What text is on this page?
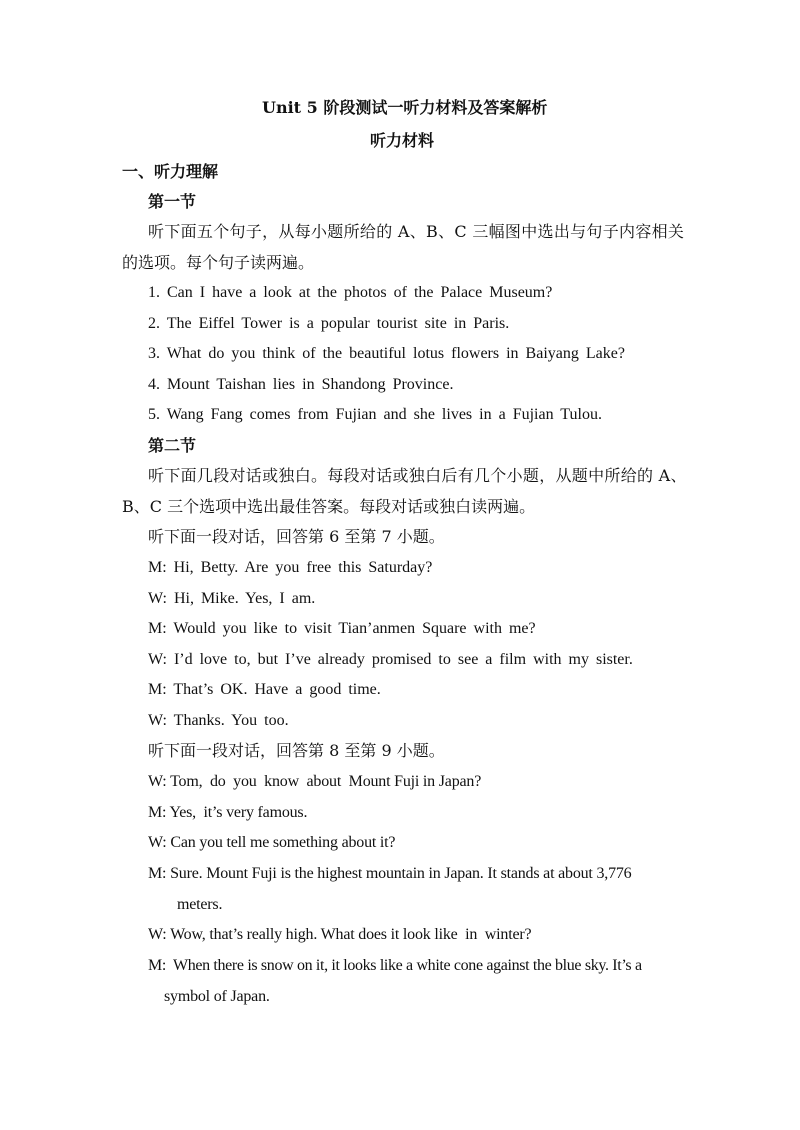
Unit 5 阶段测试一听力材料及答案解析
听力材料
一、听力理解
第一节
听下面五个句子，从每小题所给的 A、B、C 三幅图中选出与句子内容相关
的选项。每个句子读两遍。
1. Can I have a look at the photos of the Palace Museum?
2. The Eiffel Tower is a popular tourist site in Paris.
3. What do you think of the beautiful lotus flowers in Baiyang Lake?
4. Mount Taishan lies in Shandong Province.
5. Wang Fang comes from Fujian and she lives in a Fujian Tulou.
第二节
听下面几段对话或独白。每段对话或独白后有几个小题，从题中所给的 A、
B、C 三个选项中选出最佳答案。每段对话或独白读两遍。
听下面一段对话，回答第 6 至第 7 小题。
M: Hi, Betty. Are you free this Saturday?
W: Hi, Mike. Yes, I am.
M: Would you like to visit Tian’anmen Square with me?
W: I’d love to, but I’ve already promised to see a film with my sister.
M: That’s OK. Have a good time.
W: Thanks. You too.
听下面一段对话，回答第 8 至第 9 小题。
W: Tom,  do  you  know  about  Mount Fuji in Japan?
M: Yes,  it’s very famous.
W: Can you tell me something about it?
M: Sure. Mount Fuji is the highest mountain in Japan. It stands at about 3,776
meters.
W: Wow, that’s really high. What does it look like  in  winter?
M:  When there is snow on it, it looks like a white cone against the blue sky. It’s a
symbol of Japan.
